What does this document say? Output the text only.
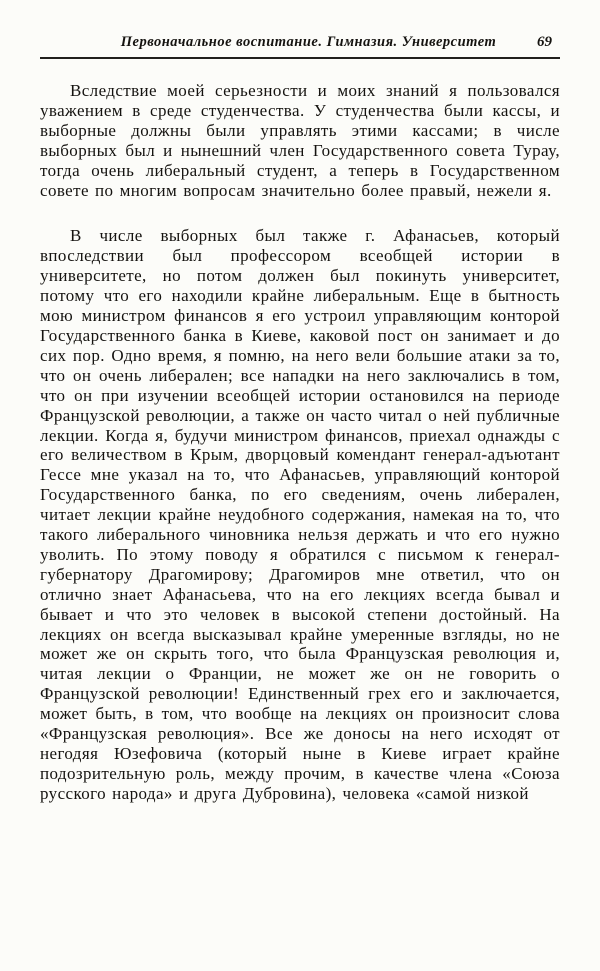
Первоначальное воспитание. Гимназия. Университет	69

Вследствие моей серьезности и моих знаний я пользовался уважением в среде студенчества. У студенчества были кассы, и выборные должны были управлять этими кассами; в числе выборных был и нынешний член Государственного совета Турау, тогда очень либеральный студент, а теперь в Государственном совете по многим вопросам значительно более правый, нежели я.

В числе выборных был также г. Афанасьев, который впоследствии был профессором всеобщей истории в университете, но потом должен был покинуть университет, потому что его находили крайне либеральным. Еще в бытность мою министром финансов я его устроил управляющим конторой Государственного банка в Киеве, каковой пост он занимает и до сих пор. Одно время, я помню, на него вели большие атаки за то, что он очень либерален; все нападки на него заключались в том, что он при изучении всеобщей истории остановился на периоде Французской революции, а также он часто читал о ней публичные лекции. Когда я, будучи министром финансов, приехал однажды с его величеством в Крым, дворцовый комендант генерал-адъютант Гессе мне указал на то, что Афанасьев, управляющий конторой Государственного банка, по его сведениям, очень либерален, читает лекции крайне неудобного содержания, намекая на то, что такого либерального чиновника нельзя держать и что его нужно уволить. По этому поводу я обратился с письмом к генерал-губернатору Драгомирову; Драгомиров мне ответил, что он отлично знает Афанасьева, что на его лекциях всегда бывал и бывает и что это человек в высокой степени достойный. На лекциях он всегда высказывал крайне умеренные взгляды, но не может же он скрыть того, что была Французская революция и, читая лекции о Франции, не может же он не говорить о Французской революции! Единственный грех его и заключается, может быть, в том, что вообще на лекциях он произносит слова «Французская революция». Все же доносы на него исходят от негодяя Юзефовича (который ныне в Киеве играет крайне подозрительную роль, между прочим, в качестве члена «Союза русского народа» и друга Дубровина), человека «самой низкой
